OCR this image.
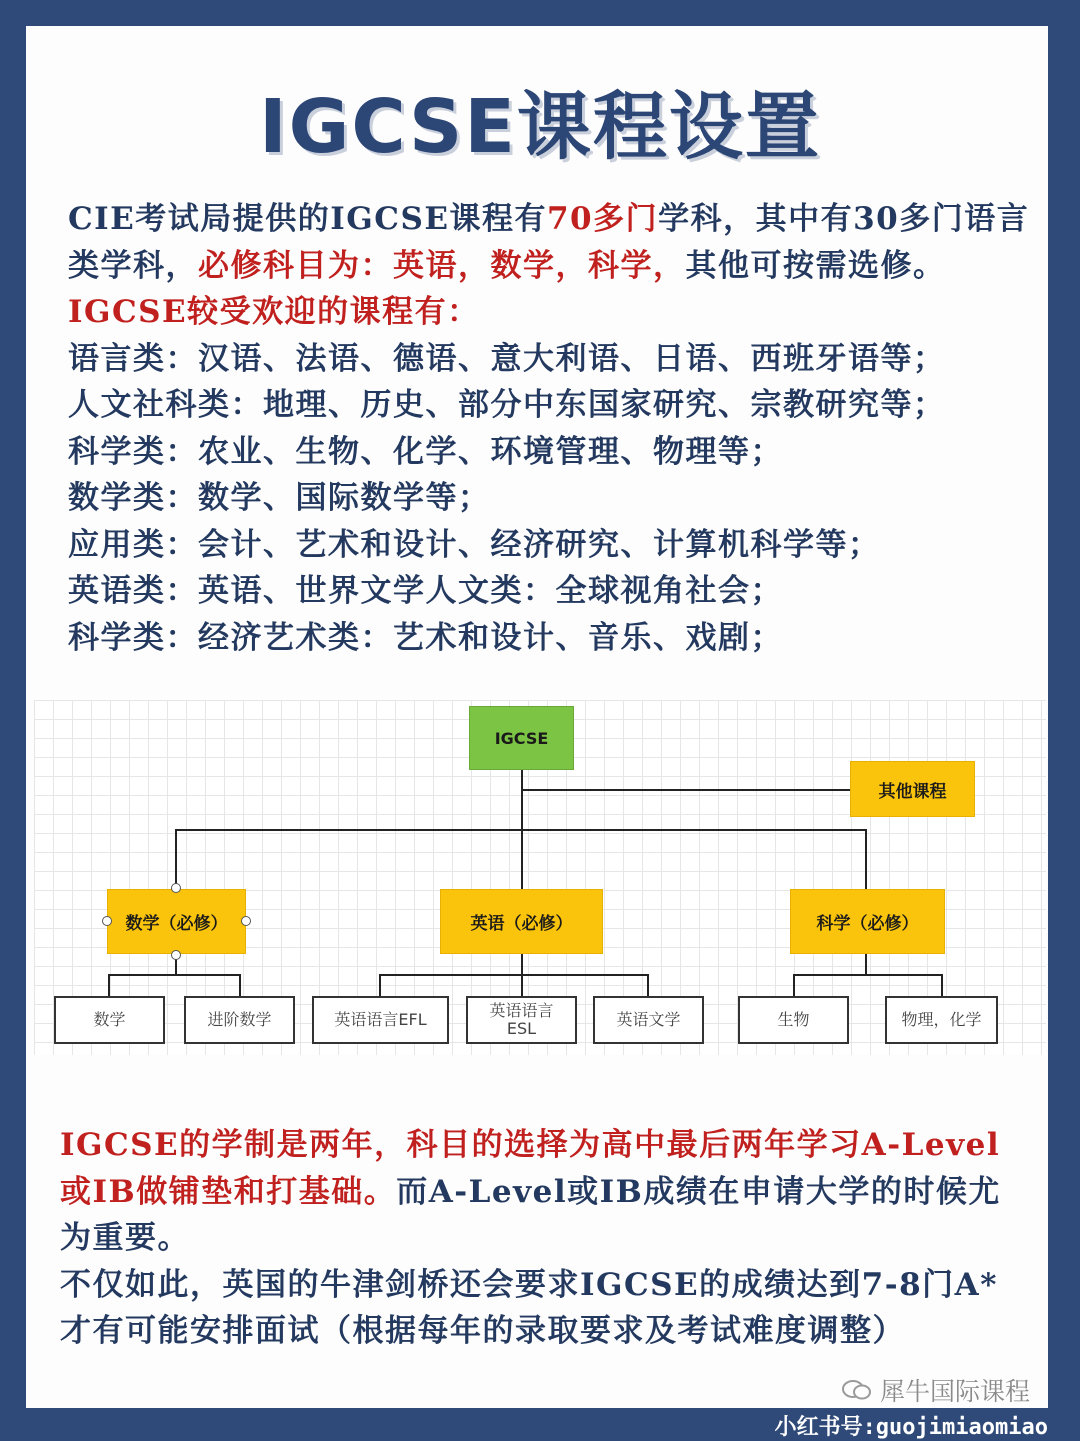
IGCSE课程设置

CIE考试局提供的IGCSE课程有70多门学科，其中有30多门语言

类学科，必修科目为：英语，数学，科学，其他可按需选修。

IGCSE较受欢迎的课程有：

语言类：汉语、法语、德语、意大利语、日语、西班牙语等；

人文社科类：地理、历史、部分中东国家研究、宗教研究等；

科学类：农业、生物、化学、环境管理、物理等；

数学类：数学、国际数学等；

应用类：会计、艺术和设计、经济研究、计算机科学等；

英语类：英语、世界文学人文类：全球视角社会；

科学类：经济艺术类：艺术和设计、音乐、戏剧；

IGCSE
其他课程
数学（必修）	英语（必修）	科学（必修）
数学	进阶数学	英语语言EFL	英语语言
ESL	英语文学	生物	物理，化学

IGCSE的学制是两年，科目的选择为高中最后两年学习A-Level

或IB做铺垫和打基础。而A-Level或IB成绩在申请大学的时候尤

为重要。

不仅如此，英国的牛津剑桥还会要求IGCSE的成绩达到7-8门A*

才有可能安排面试（根据每年的录取要求及考试难度调整）

犀牛国际课程
小红书号:guojimiaomiao
